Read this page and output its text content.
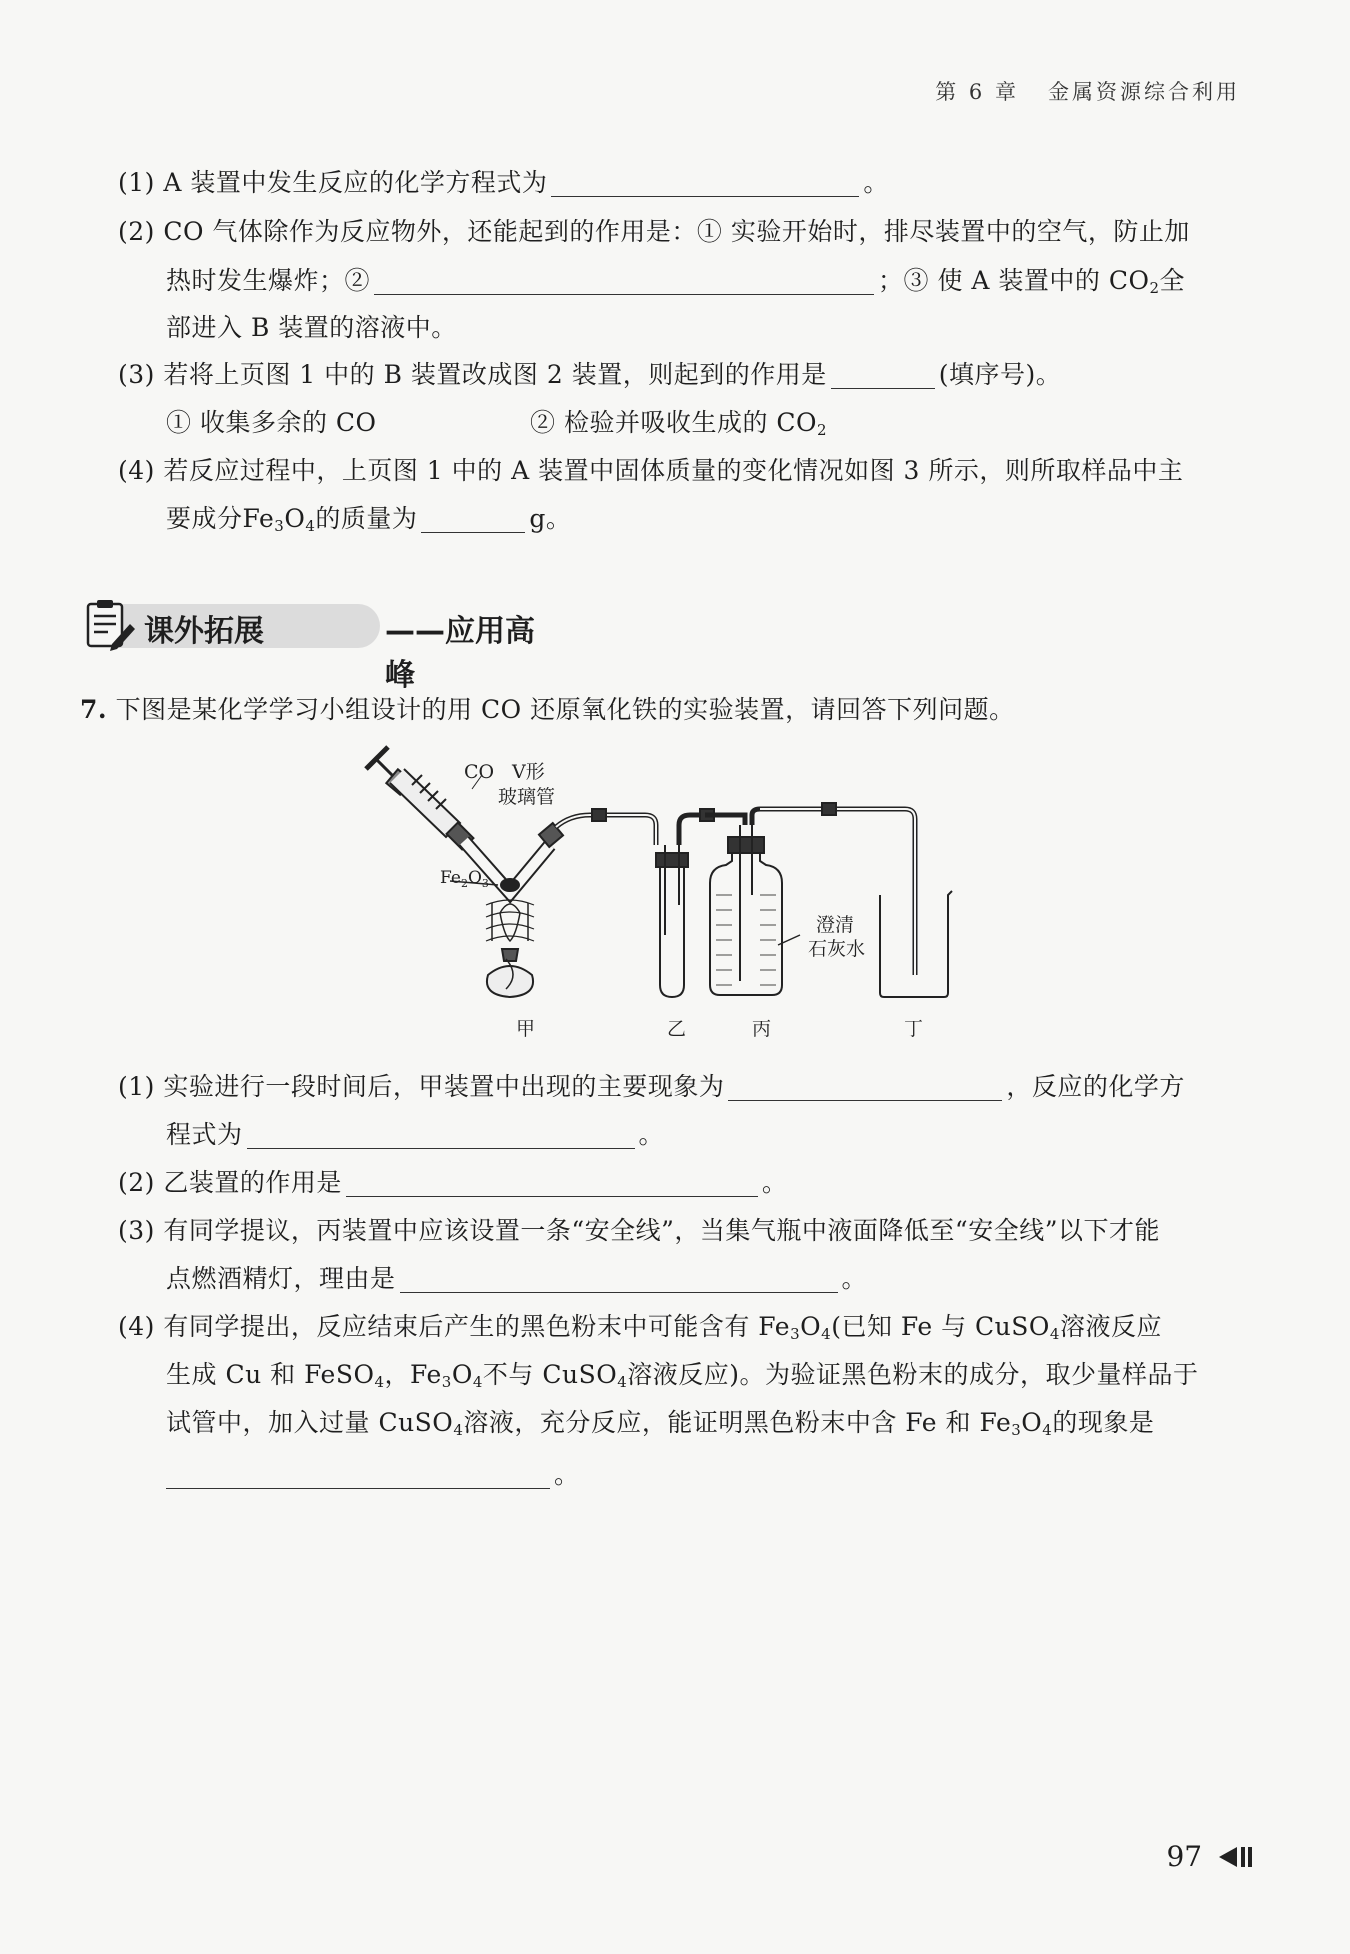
第 6 章 金属资源综合利用
(1) A 装置中发生反应的化学方程式为	。
(2) CO 气体除作为反应物外，还能起到的作用是：① 实验开始时，排尽装置中的空气，防止加
热时发生爆炸；②	；③ 使 A 装置中的 $CO_2$全
部进入 B 装置的溶液中。
(3) 若将上页图 1 中的 B 装置改成图 2 装置，则起到的作用是	(填序号)。
① 收集多余的 CO	② 检验并吸收生成的 $CO_2$
(4) 若反应过程中，上页图 1 中的 A 装置中固体质量的变化情况如图 3 所示，则所取样品中主
要成分$Fe_3O_4$的质量为	g。
课外拓展	——应用高峰
7. 下图是某化学学习小组设计的用 CO 还原氧化铁的实验装置，请回答下列问题。
CO V形
玻璃管
$Fe_2O_3$
澄清
石灰水
甲	乙	丙	丁
(1) 实验进行一段时间后，甲装置中出现的主要现象为	，反应的化学方
程式为	。
(2) 乙装置的作用是	。
(3) 有同学提议，丙装置中应该设置一条“安全线”，当集气瓶中液面降低至“安全线”以下才能
点燃酒精灯，理由是	。
(4) 有同学提出，反应结束后产生的黑色粉末中可能含有 $Fe_3O_4$(已知 Fe 与 CuSO$_4$溶液反应
生成 Cu 和 FeSO$_4$，$Fe_3O_4$不与 CuSO$_4$溶液反应)。为验证黑色粉末的成分，取少量样品于
试管中，加入过量 CuSO$_4$溶液，充分反应，能证明黑色粉末中含 Fe 和 $Fe_3O_4$的现象是
。
97
